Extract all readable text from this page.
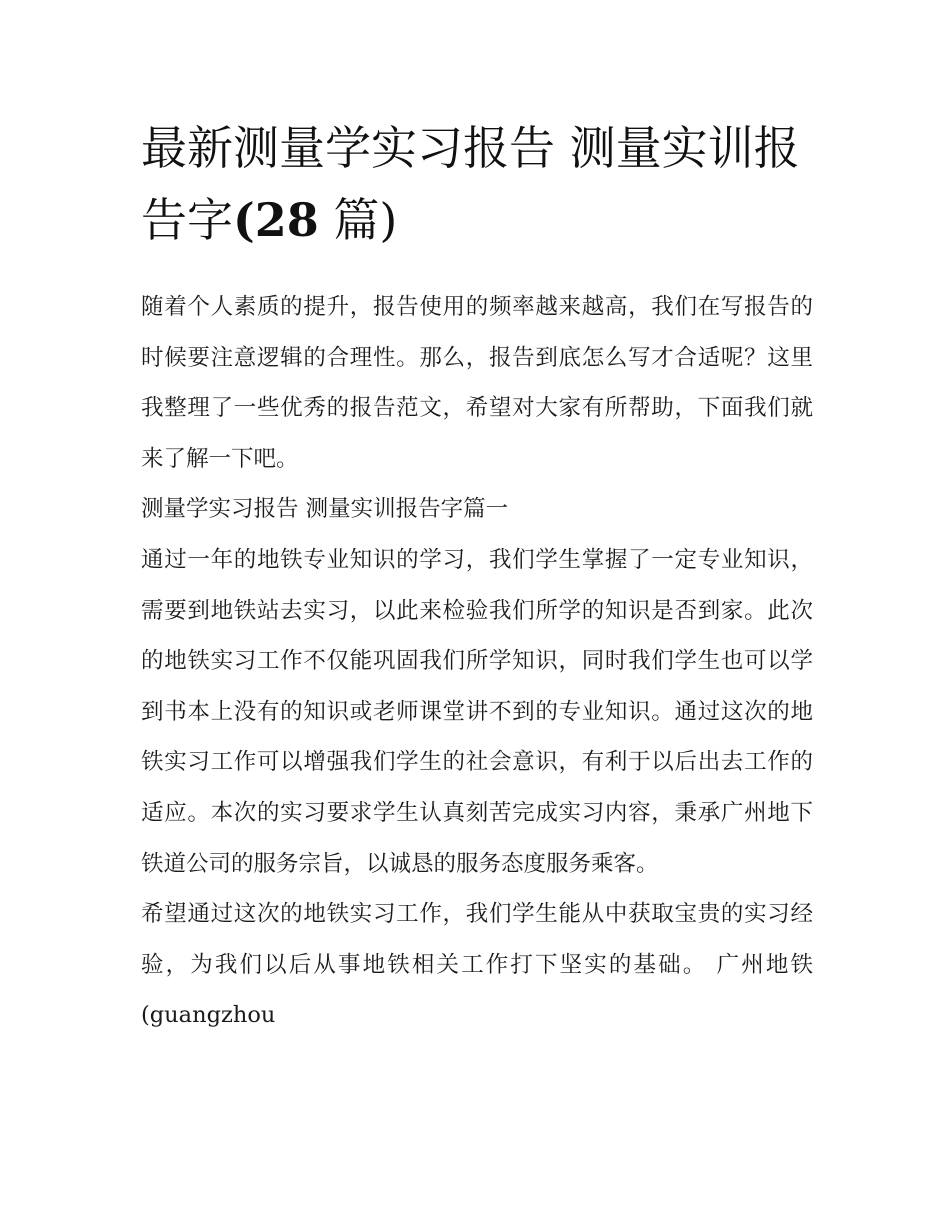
最新测量学实习报告 测量实训报告字(28 篇)

随着个人素质的提升，报告使用的频率越来越高，我们在写报告的时候要注意逻辑的合理性。那么，报告到底怎么写才合适呢？这里我整理了一些优秀的报告范文，希望对大家有所帮助，下面我们就来了解一下吧。

测量学实习报告 测量实训报告字篇一

通过一年的地铁专业知识的学习，我们学生掌握了一定专业知识，需要到地铁站去实习，以此来检验我们所学的知识是否到家。此次的地铁实习工作不仅能巩固我们所学知识，同时我们学生也可以学到书本上没有的知识或老师课堂讲不到的专业知识。通过这次的地铁实习工作可以增强我们学生的社会意识，有利于以后出去工作的适应。本次的实习要求学生认真刻苦完成实习内容，秉承广州地下铁道公司的服务宗旨，以诚恳的服务态度服务乘客。

希望通过这次的地铁实习工作，我们学生能从中获取宝贵的实习经验，为我们以后从事地铁相关工作打下坚实的基础。 广州地铁(guangzhou
